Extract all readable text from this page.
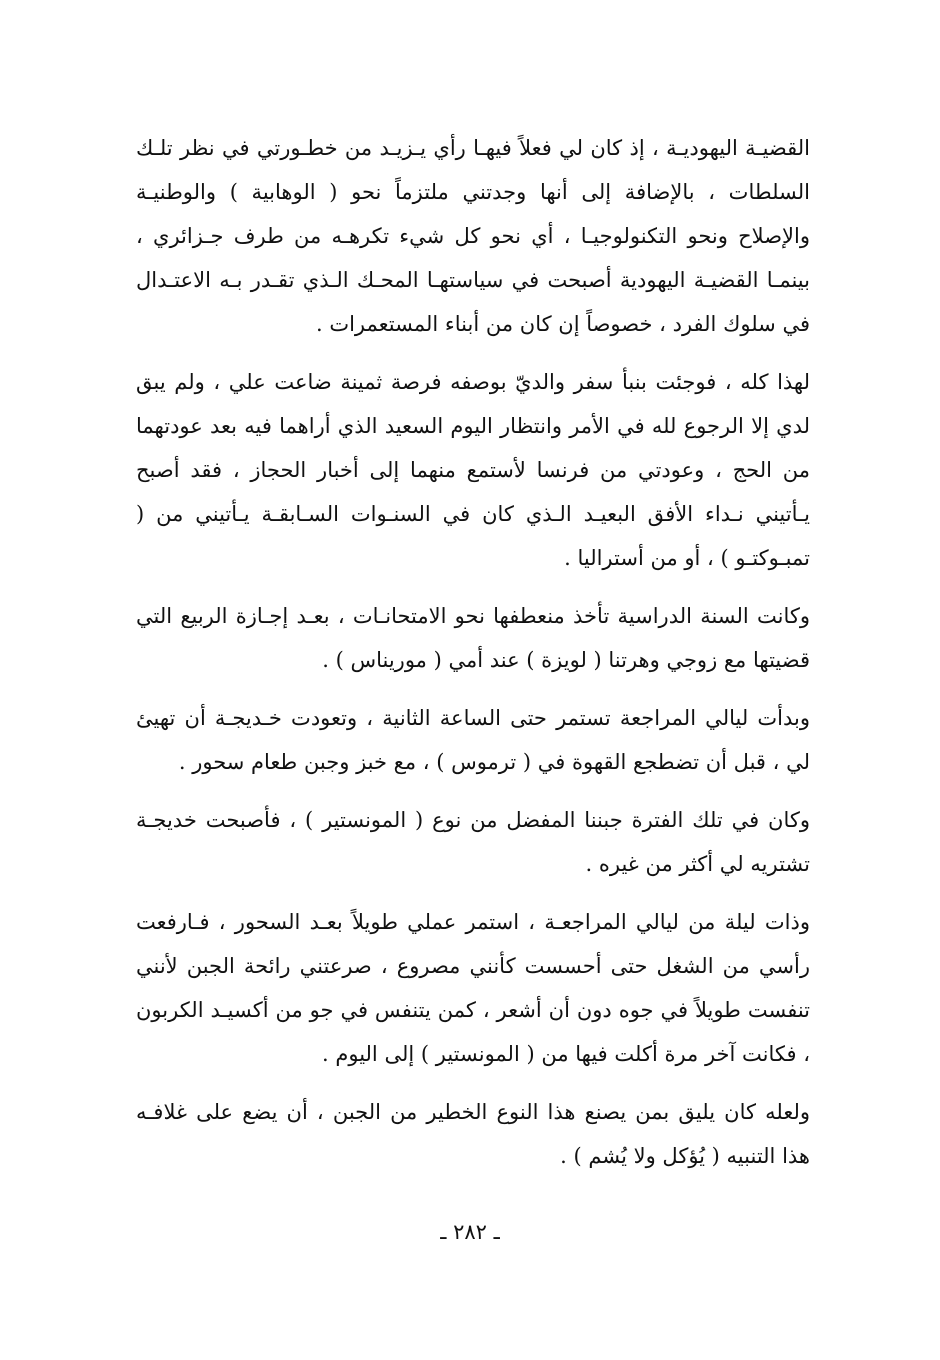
القضيـة اليهوديـة ، إذ كان لي فعلاً فيهـا رأي يـزيـد من خطـورتي في نظر تلـك السلطات ، بالإضافة إلى أنها وجدتني ملتزماً نحو ( الوهابية ) والوطنيـة والإصلاح ونحو التكنولوجيـا ، أي نحو كل شيء تكرهـه من طرف جـزائري ، بينمـا القضيـة اليهودية أصبحت في سياستهـا المحـك الـذي تقـدر بـه الاعتـدال في سلوك الفرد ، خصوصاً إن كان من أبناء المستعمرات .

لهذا كله ، فوجئت بنبأ سفر والديّ بوصفه فرصة ثمينة ضاعت علي ، ولم يبق لدي إلا الرجوع لله في الأمر وانتظار اليوم السعيد الذي أراهما فيه بعد عودتهما من الحج ، وعودتي من فرنسا لأستمع منهما إلى أخبار الحجاز ، فقد أصبح يـأتيني نـداء الأفق البعيـد الـذي كان في السنـوات السـابقـة يـأتيني من ( تمبـوكتـو ) ، أو من أستراليا .

وكانت السنة الدراسية تأخذ منعطفها نحو الامتحانـات ، بعـد إجـازة الربيع التي قضيتها مع زوجي وهرتنا ( لويزة ) عند أمي ( موريناس ) .

وبدأت ليالي المراجعة تستمر حتى الساعة الثانية ، وتعودت خـديجـة أن تهيئ لي ، قبل أن تضطجع القهوة في ( ترموس ) ، مع خبز وجبن طعام سحور .

وكان في تلك الفترة جبننا المفضل من نوع ( المونستير ) ، فأصبحت خديجـة تشتريه لي أكثر من غيره .

وذات ليلة من ليالي المراجعـة ، استمر عملي طويلاً بعـد السحور ، فـارفعت رأسي من الشغل حتى أحسست كأنني مصروع ، صرعتني رائحة الجبن لأنني تنفست طويلاً في جوه دون أن أشعر ، كمن يتنفس في جو من أكسيـد الكربون ، فكانت آخر مرة أكلت فيها من ( المونستير ) إلى اليوم .

ولعله كان يليق بمن يصنع هذا النوع الخطير من الجبن ، أن يضع على غلافـه هذا التنبيه ( يُؤكل ولا يُشم ) .

ـ ٢٨٢ ـ
